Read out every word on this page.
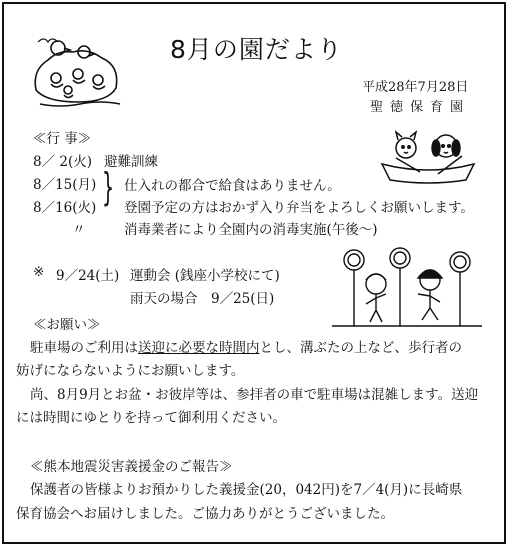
8月の園だより
平成28年7月28日
聖徳保育園
≪行 事≫
8／ 2(火) 避難訓練
8／15(月)
8／16(火) } 仕入れの都合で給食はありません。
登園予定の方はおかず入り弁当をよろしくお願いします。
〃	消毒業者により全園内の消毒実施(午後～)
※ 9／24(土) 運動会 (銭座小学校にて)
雨天の場合　9／25(日)
≪お願い≫
駐車場のご利用は送迎に必要な時間内とし、溝ぶたの上など、歩行者の
妨げにならないようにお願いします。
尚、8月9月とお盆・お彼岸等は、参拝者の車で駐車場は混雑します。送迎
には時間にゆとりを持って御利用ください。
≪熊本地震災害義援金のご報告≫
保護者の皆様よりお預かりした義援金(20，042円)を7／4(月)に長崎県
保育協会へお届けしました。ご協力ありがとうございました。
